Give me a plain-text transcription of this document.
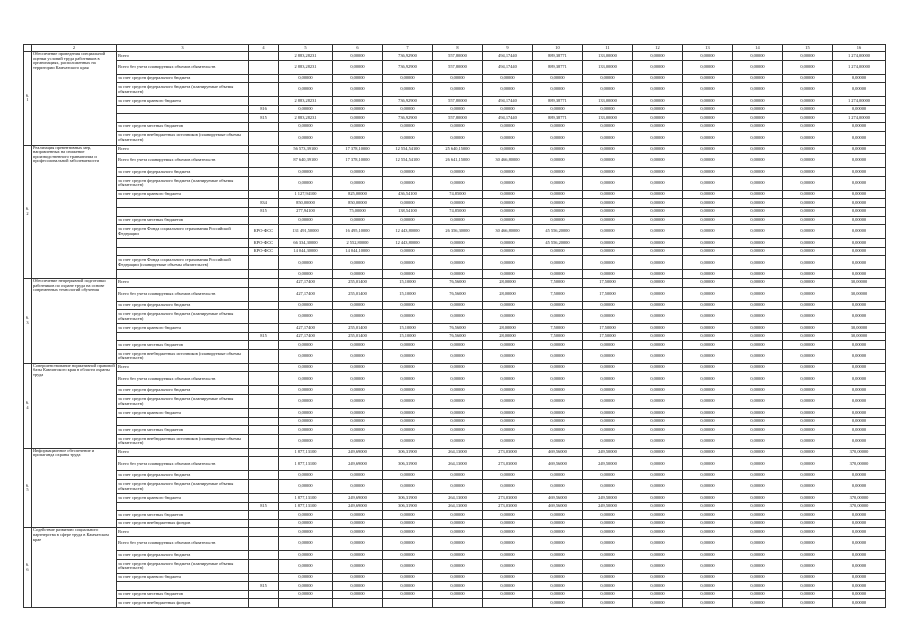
	2	3	4	5	6	7	8	9	10	11	12	13	14	15	16
6.1	Обеспечение проведения специальной оценки условий труда работников в организациях, расположенных на территории Камчатского края	Всего		2 883,28231	0,00000	736,92900	557,80000	494,17440	889,38771	133,00000	0,00000	0,00000	0,00000	0,00000	1 274,00000
		Всего без учета планируемых объемов обязательств		2 883,28231	0,00000	736,92900	557,80000	494,17440	889,38771	133,00000	0,00000	0,00000	0,00000	0,00000	1 274,00000
		за счет средств федерального бюджета		0,00000	0,00000	0,00000	0,00000	0,00000	0,00000	0,00000	0,00000	0,00000	0,00000	0,00000	0,00000
		за счет средств федерального бюджета (планируемые объемы обязательств)		0,00000	0,00000	0,00000	0,00000	0,00000	0,00000	0,00000	0,00000	0,00000	0,00000	0,00000	0,00000
		за счет средств краевого бюджета		2 883,28231	0,00000	736,92900	557,80000	494,17440	889,38771	133,00000	0,00000	0,00000	0,00000	0,00000	1 274,00000
			816	0,00000	0,00000	0,00000	0,00000	0,00000	0,00000	0,00000	0,00000	0,00000	0,00000	0,00000	0,00000
			815	2 883,28231	0,00000	736,92900	557,80000	494,17440	889,38771	133,00000	0,00000	0,00000	0,00000	0,00000	1 274,00000
		за счет средств местных бюджетов		0,00000	0,00000	0,00000	0,00000	0,00000	0,00000	0,00000	0,00000	0,00000	0,00000	0,00000	0,00000
		за счет средств внебюджетных источников (планируемые объемы обязательств)		0,00000	0,00000	0,00000	0,00000	0,00000	0,00000	0,00000	0,00000	0,00000	0,00000	0,00000	0,00000
6.2	Реализация превентивных мер, направленных на снижение производственного травматизма и профессиональной заболеваемости	Всего		56 573,39100	17 378,10000	12 554,54100	25 640,15000	0,00000	0,00000	0,00000	0,00000	0,00000	0,00000	0,00000	0,00000
		Всего без учета планируемых объемов обязательств		87 640,39100	17 378,10000	12 554,54100	26 641,15000	30 466,80000	0,00000	0,00000	0,00000	0,00000	0,00000	0,00000	0,00000
		за счет средств федерального бюджета		0,00000	0,00000	0,00000	0,00000	0,00000	0,00000	0,00000	0,00000	0,00000	0,00000	0,00000	0,00000
		за счет средств федерального бюджета (планируемые объемы обязательств)		0,00000	0,00000	0,00000	0,00000	0,00000	0,00000	0,00000	0,00000	0,00000	0,00000	0,00000	0,00000
		за счет средств краевого бюджета		1 127,94100	825,00000	436,54100	74,85000	0,00000	0,00000	0,00000	0,00000	0,00000	0,00000	0,00000	0,00000
			834	850,00000	850,00000	0,00000	0,00000	0,00000	0,00000	0,00000	0,00000	0,00000	0,00000	0,00000	0,00000
			815	277,94100	75,00000	138,54100	74,85000	0,00000	0,00000	0,00000	0,00000	0,00000	0,00000	0,00000	0,00000
		за счет средств местных бюджетов		0,00000	0,00000	0,00000	0,00000	0,00000	0,00000	0,00000	0,00000	0,00000	0,00000	0,00000	0,00000
		за счет средств Фонда социального страхования Российской Федерации	КРО-ФСС	131 491,50000	16 495,10000	12 443,80000	26 356,30000	30 466,80000	45 556,20000	0,00000	0,00000	0,00000	0,00000	0,00000	0,00000
			КРО-ФСС	66 334,30000	2 552,80000	12 443,80000	0,00000	0,00000	45 556,20000	0,00000	0,00000	0,00000	0,00000	0,00000	0,00000
			КРО-ФСС	14 044,30000	14 044,10000	0,00000	0,00000	0,00000	0,00000	0,00000	0,00000	0,00000	0,00000	0,00000	0,00000
		за счет средств Фонда социального страхования Российской Федерации (планируемые объемы обязательств)		0,00000	0,00000	0,00000	0,00000	0,00000	0,00000	0,00000	0,00000	0,00000	0,00000	0,00000	0,00000
				0,00000	0,00000	0,00000	0,00000	0,00000	0,00000	0,00000	0,00000	0,00000	0,00000	0,00000	0,00000
6.3	Обеспечение непрерывной подготовки работников по охране труда на основе современных технологий обучения	Всего		427,17400	255,01400	15,10000	76,56000	28,00000	7,50000	17,50000	0,00000	0,00000	0,00000	0,00000	30,00000
		Всего без учета планируемых объемов обязательств		427,17400	255,01400	15,10000	76,56000	28,00000	7,50000	17,50000	0,00000	0,00000	0,00000	0,00000	30,00000
		за счет средств федерального бюджета		0,00000	0,00000	0,00000	0,00000	0,00000	0,00000	0,00000	0,00000	0,00000	0,00000	0,00000	0,00000
		за счет средств федерального бюджета (планируемые объемы обязательств)		0,00000	0,00000	0,00000	0,00000	0,00000	0,00000	0,00000	0,00000	0,00000	0,00000	0,00000	0,00000
		за счет средств краевого бюджета		427,17400	255,01400	15,10000	76,56000	28,00000	7,50000	17,50000	0,00000	0,00000	0,00000	0,00000	30,00000
			815	427,17400	255,01400	15,10000	76,56000	28,00000	7,50000	17,50000	0,00000	0,00000	0,00000	0,00000	30,00000
		за счет средств местных бюджетов		0,00000	0,00000	0,00000	0,00000	0,00000	0,00000	0,00000	0,00000	0,00000	0,00000	0,00000	0,00000
		за счет средств внебюджетных источников (планируемые объемы обязательств)		0,00000	0,00000	0,00000	0,00000	0,00000	0,00000	0,00000	0,00000	0,00000	0,00000	0,00000	0,00000
6.4	Совершенствование нормативной правовой базы Камчатского края в области охраны труда	Всего		0,00000	0,00000	0,00000	0,00000	0,00000	0,00000	0,00000	0,00000	0,00000	0,00000	0,00000	0,00000
		Всего без учета планируемых объемов обязательств		0,00000	0,00000	0,00000	0,00000	0,00000	0,00000	0,00000	0,00000	0,00000	0,00000	0,00000	0,00000
		за счет средств федерального бюджета		0,00000	0,00000	0,00000	0,00000	0,00000	0,00000	0,00000	0,00000	0,00000	0,00000	0,00000	0,00000
		за счет средств федерального бюджета (планируемые объемы обязательств)		0,00000	0,00000	0,00000	0,00000	0,00000	0,00000	0,00000	0,00000	0,00000	0,00000	0,00000	0,00000
		за счет средств краевого бюджета		0,00000	0,00000	0,00000	0,00000	0,00000	0,00000	0,00000	0,00000	0,00000	0,00000	0,00000	0,00000
				0,00000	0,00000	0,00000	0,00000	0,00000	0,00000	0,00000	0,00000	0,00000	0,00000	0,00000	0,00000
		за счет средств местных бюджетов		0,00000	0,00000	0,00000	0,00000	0,00000	0,00000	0,00000	0,00000	0,00000	0,00000	0,00000	0,00000
		за счет средств внебюджетных источников (планируемые объемы обязательств)		0,00000	0,00000	0,00000	0,00000	0,00000	0,00000	0,00000	0,00000	0,00000	0,00000	0,00000	0,00000
6.5	Информационное обеспечение и пропаганда охраны труда	Всего		1 877,13100	249,69000	306,31900	264,13000	273,03000	469,56000	249,50000	0,00000	0,00000	0,00000	0,00000	370,00000
		Всего без учета планируемых объемов обязательств		1 877,13100	249,69000	306,31900	264,13000	273,03000	469,56000	249,50000	0,00000	0,00000	0,00000	0,00000	370,00000
		за счет средств федерального бюджета		0,00000	0,00000	0,00000	0,00000	0,00000	0,00000	0,00000	0,00000	0,00000	0,00000	0,00000	0,00000
		за счет средств федерального бюджета (планируемые объемы обязательств)		0,00000	0,00000	0,00000	0,00000	0,00000	0,00000	0,00000	0,00000	0,00000	0,00000	0,00000	0,00000
		за счет средств краевого бюджета		1 877,13100	249,69000	306,31900	264,13000	273,03000	469,56000	249,50000	0,00000	0,00000	0,00000	0,00000	370,00000
			815	1 877,13100	249,69000	306,31900	264,13000	273,03000	469,56000	249,50000	0,00000	0,00000	0,00000	0,00000	370,00000
		за счет средств местных бюджетов		0,00000	0,00000	0,00000	0,00000	0,00000	0,00000	0,00000	0,00000	0,00000	0,00000	0,00000	0,00000
		за счет средств внебюджетных фондов		0,00000	0,00000	0,00000	0,00000	0,00000	0,00000	0,00000	0,00000	0,00000	0,00000	0,00000	0,00000
6.6	Содействие развитию социального партнерства в сфере труда в Камчатском крае	Всего		0,00000	0,00000	0,00000	0,00000	0,00000	0,00000	0,00000	0,00000	0,00000	0,00000	0,00000	0,00000
		Всего без учета планируемых объемов обязательств		0,00000	0,00000	0,00000	0,00000	0,00000	0,00000	0,00000	0,00000	0,00000	0,00000	0,00000	0,00000
		за счет средств федерального бюджета		0,00000	0,00000	0,00000	0,00000	0,00000	0,00000	0,00000	0,00000	0,00000	0,00000	0,00000	0,00000
		за счет средств федерального бюджета (планируемые объемы обязательств)		0,00000	0,00000	0,00000	0,00000	0,00000	0,00000	0,00000	0,00000	0,00000	0,00000	0,00000	0,00000
		за счет средств краевого бюджета		0,00000	0,00000	0,00000	0,00000	0,00000	0,00000	0,00000	0,00000	0,00000	0,00000	0,00000	0,00000
			815	0,00000	0,00000	0,00000	0,00000	0,00000	0,00000	0,00000	0,00000	0,00000	0,00000	0,00000	0,00000
		за счет средств местных бюджетов		0,00000	0,00000	0,00000	0,00000	0,00000	0,00000	0,00000	0,00000	0,00000	0,00000	0,00000	0,00000
		за счет средств внебюджетных фондов							0,00000	0,00000	0,00000	0,00000	0,00000	0,00000	0,00000
